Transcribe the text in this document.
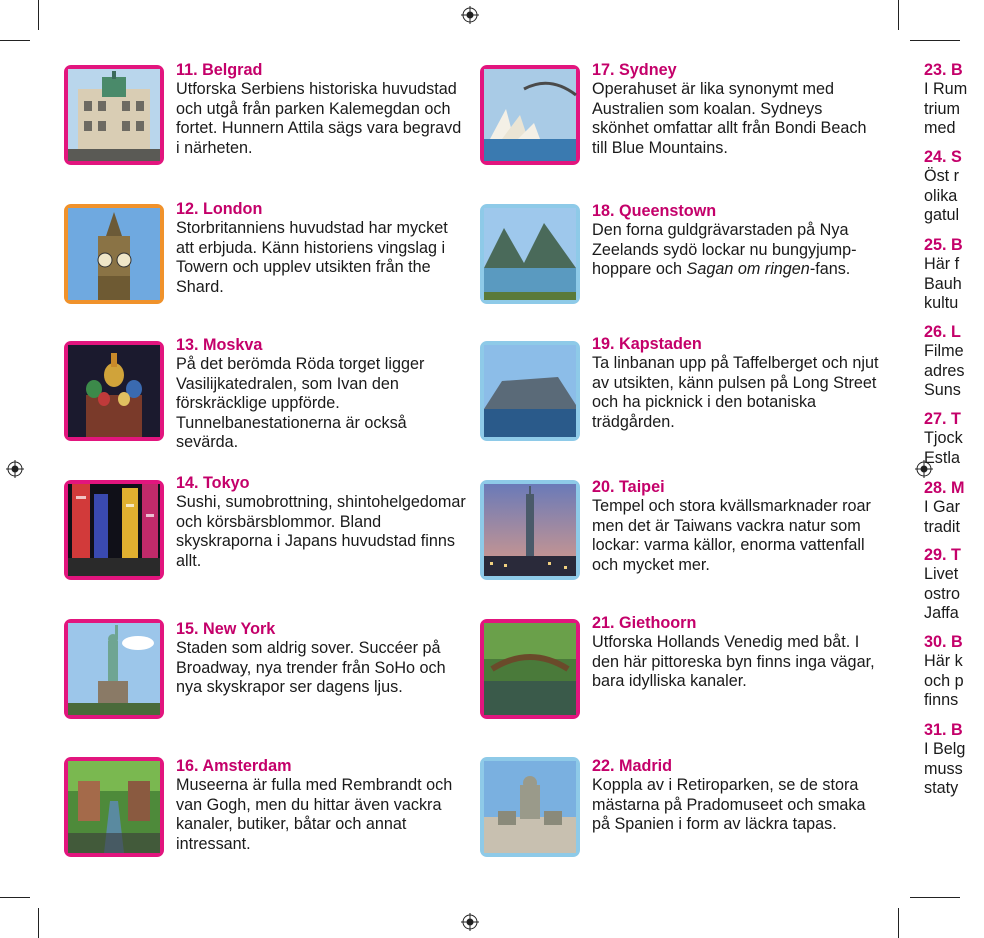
11. Belgrad
Utforska Serbiens historiska huvudstad och utgå från parken Kalemegdan och fortet. Hunnern Attila sägs vara begravd i närheten.
12. London
Storbritanniens huvudstad har mycket att erbjuda. Känn historiens vingslag i Towern och upplev utsikten från the Shard.
13. Moskva
På det berömda Röda torget ligger Vasilijkatedralen, som Ivan den förskräcklige uppförde. Tunnelbanestationerna är också sevärda.
14. Tokyo
Sushi, sumobrottning, shintohelgedomar och körsbärsblommor. Bland skyskraporna i Japans huvudstad finns allt.
15. New York
Staden som aldrig sover. Succéer på Broadway, nya trender från SoHo och nya skyskrapor ser dagens ljus.
16. Amsterdam
Museerna är fulla med Rembrandt och van Gogh, men du hittar även vackra kanaler, butiker, båtar och annat intressant.
17. Sydney
Operahuset är lika synonymt med Australien som koalan. Sydneys skönhet omfattar allt från Bondi Beach till Blue Mountains.
18. Queenstown
Den forna guldgrävarstaden på Nya Zeelands sydö lockar nu bungyjump-hoppare och Sagan om ringen-fans.
19. Kapstaden
Ta linbanan upp på Taffelberget och njut av utsikten, känn pulsen på Long Street och ha picknick i den botaniska trädgården.
20. Taipei
Tempel och stora kvällsmarknader roar men det är Taiwans vackra natur som lockar: varma källor, enorma vattenfall och mycket mer.
21. Giethoorn
Utforska Hollands Venedig med båt. I den här pittoreska byn finns inga vägar, bara idylliska kanaler.
22. Madrid
Koppla av i Retiroparken, se de stora mästarna på Pradomuseet och smaka på Spanien i form av läckra tapas.
23. B
I Rum
trium
med
24. S
Öst r
olika
gatul
25. B
Här f
Bauh
kultu
26. L
Filme
adres
Suns
27. T
Tjock
Estla
28. M
I Gar
tradit
29. T
Livet
ostro
Jaffa
30. B
Här k
och p
finns
31. B
I Belg
muss
staty
